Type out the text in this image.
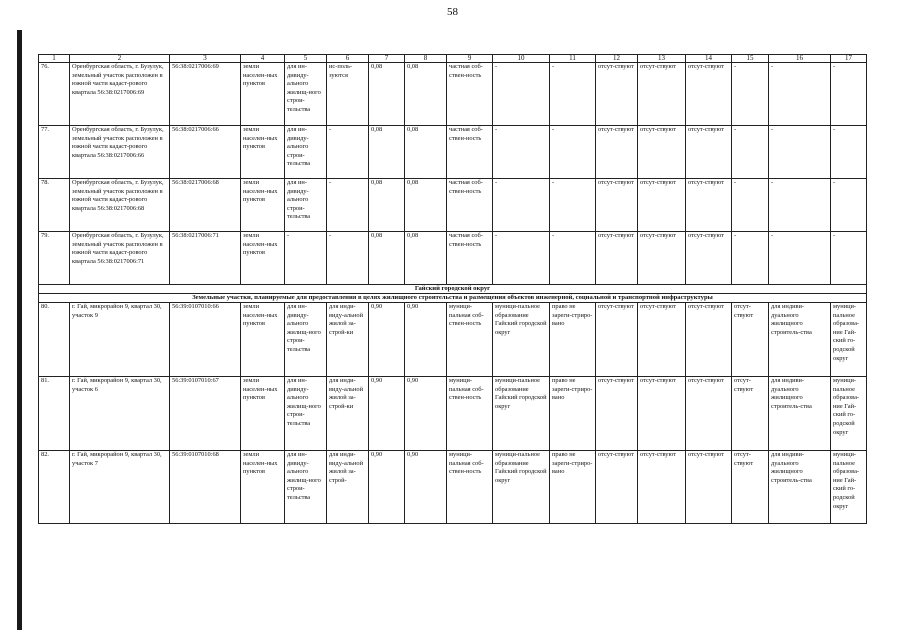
58
1	2	3	4	5	6	7	8	9	10	11	12	13	14	15	16	17
76.	Оренбургская область, г. Бузулук, земельный участок расположен в южной части кадаст-рового квартала 56:38:0217006:69	56:38:0217006:69	земли населен-ных пунктов	для ин-дивиду-ального жилищ-ного строи-тельства	ис-поль-зуются	0,08	0,08	частная соб-ствен-ность	-	-	отсут-ствуют	отсут-ствуют	отсут-ствуют	-	-	-
77.	Оренбургская область, г. Бузулук, земельный участок расположен в южной части кадаст-рового квартала 56:38:0217006:66	56:38:0217006:66	земли населен-ных пунктов	для ин-дивиду-ального строи-тельства	-	0,08	0,08	частная соб-ствен-ность	-	-	отсут-ствуют	отсут-ствуют	отсут-ствуют	-	-	-
78.	Оренбургская область, г. Бузулук, земельный участок расположен в южной части кадаст-рового квартала 56:38:0217006:68	56:38:0217006:68	земли населен-ных пунктов	для ин-дивиду-ального строи-тельства	-	0,08	0,08	частная соб-ствен-ность	-	-	отсут-ствуют	отсут-ствуют	отсут-ствуют	-	-	-
79.	Оренбургская область, г. Бузулук, земельный участок расположен в южной части кадаст-рового квартала 56:38:0217006:71	56:38:0217006:71	земли населен-ных пунктов	-	-	0,08	0,08	частная соб-ствен-ность	-	-	отсут-ствуют	отсут-ствуют	отсут-ствуют	-	-	-
Гайский городской округ																
Земельные участки, планируемые для предоставления в целях жилищного строительства и размещения объектов инженерной, социальной и транспортной инфраструктуры																
80.	г. Гай, микрорайон 9, квартал 30, участок 9	56:39:0107010:66	земли населен-ных пунктов	для ин-дивиду-ального жилищ-ного строи-тельства	для инди-виду-альной жилой за-строй-ки	0,90	0,90	муници-пальная соб-ствен-ность	муници-пальное образование Гайский городской округ	право не зареги-стриро-вано	отсут-ствуют	отсут-ствуют	отсут-ствуют	отсут-ствуют	для индиви-дуального жилищного строитель-ства	муници-пальное образова-ние Гай-ский го-родской округ
81.	г. Гай, микрорайон 9, квартал 30, участок 6	56:39:0107010:67	земли населен-ных пунктов	для ин-дивиду-ального жилищ-ного строи-тельства	для инди-виду-альной жилой за-строй-ки	0,90	0,90	муници-пальная соб-ствен-ность	муници-пальное образование Гайский городской округ	право не зареги-стриро-вано	отсут-ствуют	отсут-ствуют	отсут-ствуют	отсут-ствуют	для индиви-дуального жилищного строитель-ства	муници-пальное образова-ние Гай-ский го-родской округ
82.	г. Гай, микрорайон 9, квартал 30, участок 7	56:39:0107010:68	земли населен-ных пунктов	для ин-дивиду-ального жилищ-ного строи-тельства	для инди-виду-альной жилой за-строй-	0,90	0,90	муници-пальная соб-ствен-ность	муници-пальное образование Гайский городской округ	право не зареги-стриро-вано	отсут-ствуют	отсут-ствуют	отсут-ствуют	отсут-ствуют	для индиви-дуального жилищного строитель-ства	муници-пальное образова-ние Гай-ский го-родской округ
